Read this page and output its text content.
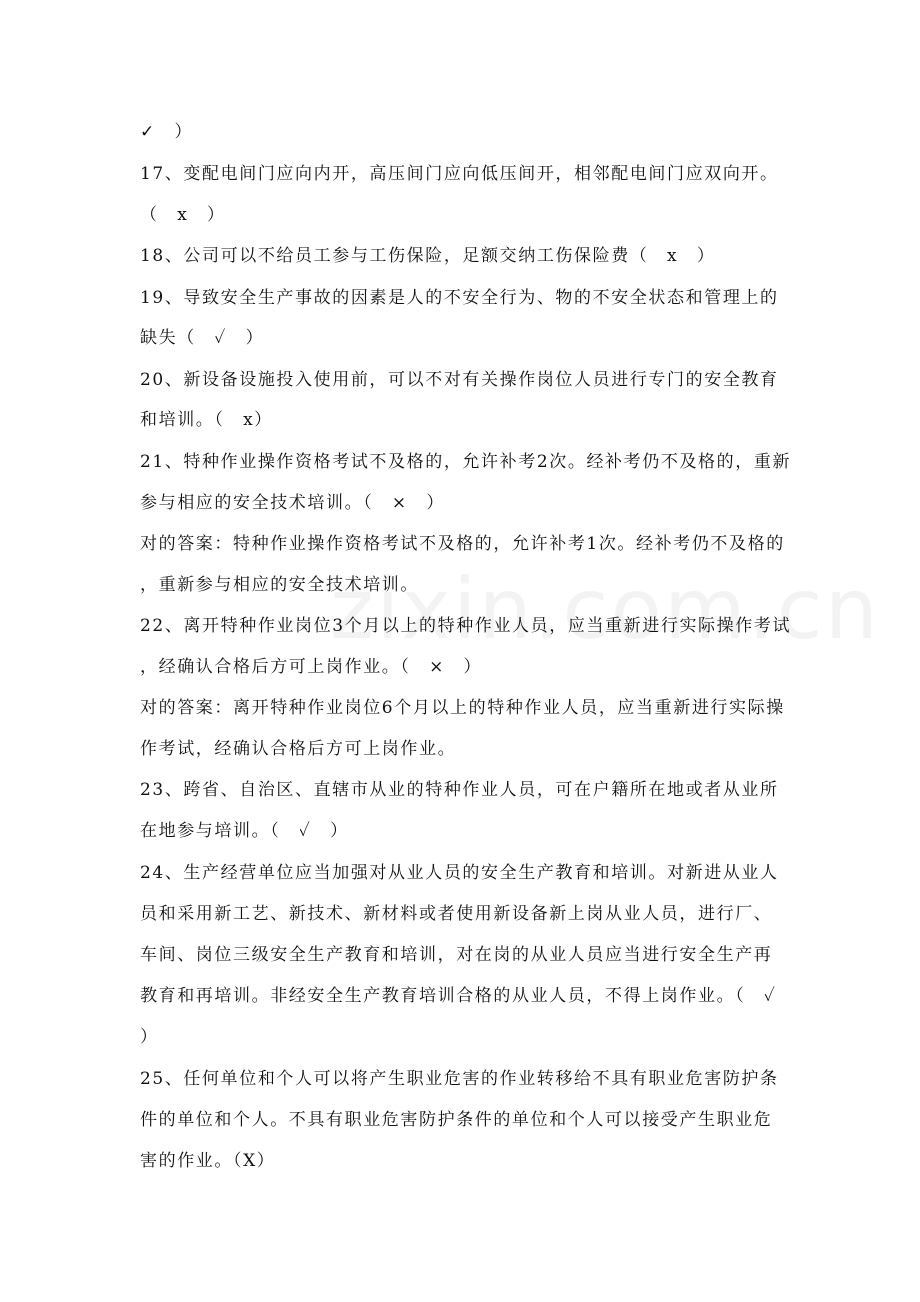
✓　）
17、变配电间门应向内开，高压间门应向低压间开，相邻配电间门应双向开。
（　x　）
18、公司可以不给员工参与工伤保险，足额交纳工伤保险费（　x　）
19、导致安全生产事故的因素是人的不安全行为、物的不安全状态和管理上的
缺失（　✓　）
20、新设备设施投入使用前，可以不对有关操作岗位人员进行专门的安全教育
和培训。（　x）
21、特种作业操作资格考试不及格的，允许补考2次。经补考仍不及格的，重新
参与相应的安全技术培训。（　×　）
对的答案：特种作业操作资格考试不及格的，允许补考1次。经补考仍不及格的
，重新参与相应的安全技术培训。
22、离开特种作业岗位3个月以上的特种作业人员，应当重新进行实际操作考试
，经确认合格后方可上岗作业。（　×　）
对的答案：离开特种作业岗位6个月以上的特种作业人员，应当重新进行实际操
作考试，经确认合格后方可上岗作业。
23、跨省、自治区、直辖市从业的特种作业人员，可在户籍所在地或者从业所
在地参与培训。（　✓　）
24、生产经营单位应当加强对从业人员的安全生产教育和培训。对新进从业人
员和采用新工艺、新技术、新材料或者使用新设备新上岗从业人员，进行厂、
车间、岗位三级安全生产教育和培训，对在岗的从业人员应当进行安全生产再
教育和再培训。非经安全生产教育培训合格的从业人员，不得上岗作业。（　✓
）
25、任何单位和个人可以将产生职业危害的作业转移给不具有职业危害防护条
件的单位和个人。不具有职业危害防护条件的单位和个人可以接受产生职业危
害的作业。（X）
